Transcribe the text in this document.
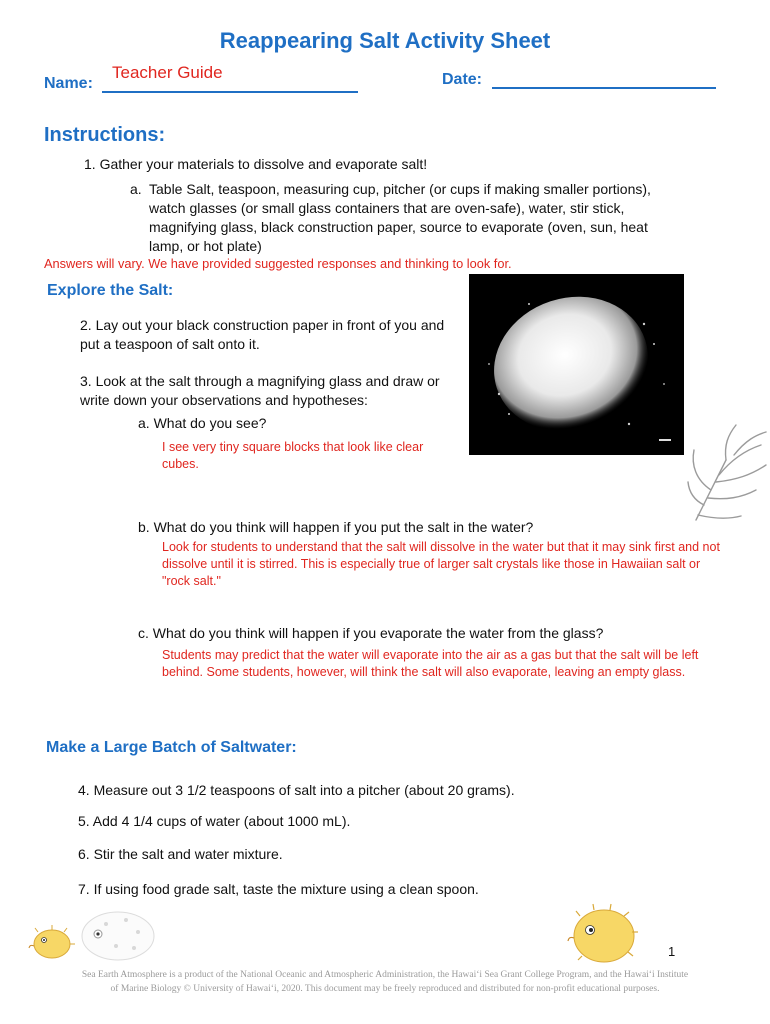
Reappearing Salt Activity Sheet
Name:
Teacher Guide	Date:
Instructions:
1. Gather your materials to dissolve and evaporate salt!
a. Table Salt, teaspoon, measuring cup, pitcher (or cups if making smaller portions), watch glasses (or small glass containers that are oven-safe), water, stir stick, magnifying glass, black construction paper, source to evaporate (oven, sun, heat lamp, or hot plate)
Answers will vary. We have provided suggested responses and thinking to look for.
Explore the Salt:
2. Lay out your black construction paper in front of you and put a teaspoon of salt onto it.
3. Look at the salt through a magnifying glass and draw or write down your observations and hypotheses:
a. What do you see?
I see very tiny square blocks that look like clear cubes.
b. What do you think will happen if you put the salt in the water?
Look for students to understand that the salt will dissolve in the water but that it may sink first and not dissolve until it is stirred. This is especially true of larger salt crystals like those in Hawaiian salt or "rock salt."
c. What do you think will happen if you evaporate the water from the glass?
Students may predict that the water will evaporate into the air as a gas but that the salt will be left behind. Some students, however, will think the salt will also evaporate, leaving an empty glass.
Make a Large Batch of Saltwater:
4. Measure out 3 1/2 teaspoons of salt into a pitcher (about 20 grams).
5. Add 4 1/4 cups of water (about 1000 mL).
6. Stir the salt and water mixture.
7. If using food grade salt, taste the mixture using a clean spoon.
1
Sea Earth Atmosphere is a product of the National Oceanic and Atmospheric Administration, the Hawaiʻi Sea Grant College Program, and the Hawaiʻi Institute
of Marine Biology © University of Hawaiʻi, 2020. This document may be freely reproduced and distributed for non-profit educational purposes.
